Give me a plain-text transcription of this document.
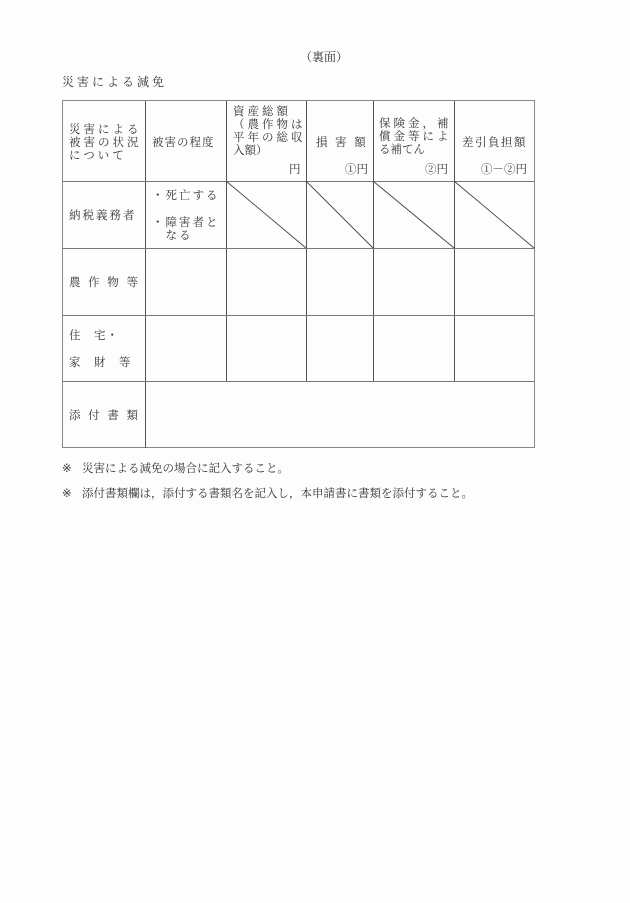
（裏面）
災害による減免
災害による
被害の状況
について
被害の程度
資産総額
（農作物は
平年の総収
入額）
円
損 害 額
①円
保険金，補
償金等によ
る補てん
②円
差引負担額
①－②円
納税義務者
・死亡する
・障害者と
　なる
農 作 物 等
住　宅・
家　財　等
添 付 書 類
※ 災害による減免の場合に記入すること。
※ 添付書類欄は，添付する書類名を記入し，本申請書に書類を添付すること。
